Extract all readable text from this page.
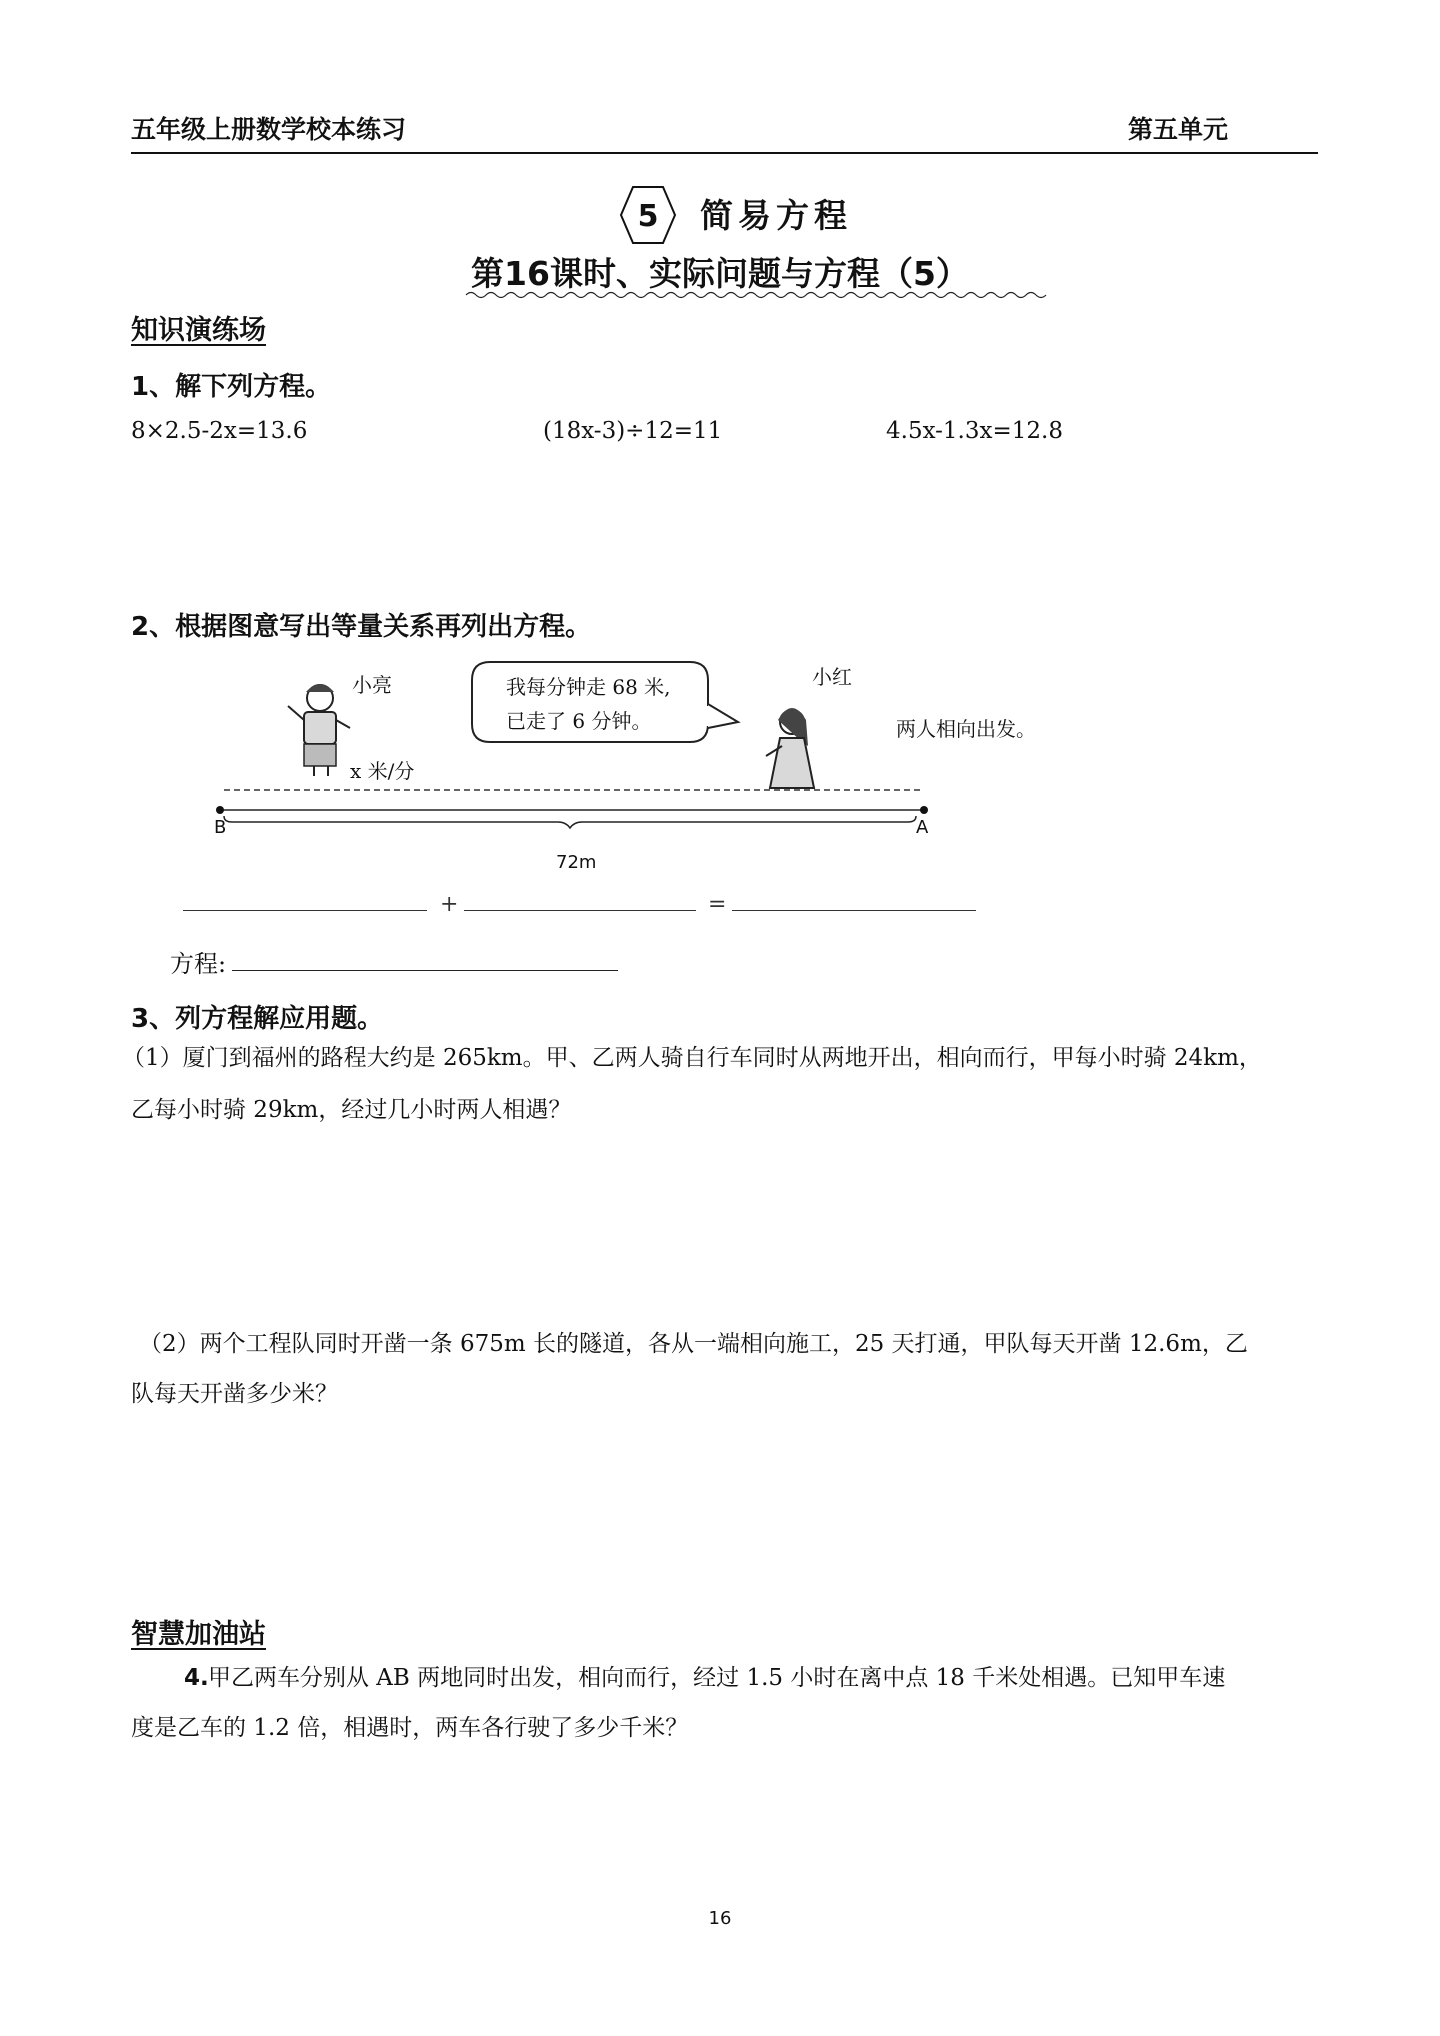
五年级上册数学校本练习	第五单元
5 简易方程
第16课时、实际问题与方程（5）
知识演练场
1、解下列方程。
8×2.5-2x=13.6	(18x-3)÷12=11	4.5x-1.3x=12.8
2、根据图意写出等量关系再列出方程。
小亮	我每分钟走 68 米,
已走了 6 分钟。
小红
两人相向出发。
x 米/分
B	A
72m
+	=
方程:
3、列方程解应用题。
（1）厦门到福州的路程大约是 265km。甲、乙两人骑自行车同时从两地开出，相向而行，甲每小时骑 24km，
乙每小时骑 29km，经过几小时两人相遇？
（2）两个工程队同时开凿一条 675m 长的隧道，各从一端相向施工，25 天打通，甲队每天开凿 12.6m，乙
队每天开凿多少米？
智慧加油站
4. 甲乙两车分别从 AB 两地同时出发，相向而行，经过 1.5 小时在离中点 18 千米处相遇。已知甲车速
度是乙车的 1.2 倍，相遇时，两车各行驶了多少千米？
16
